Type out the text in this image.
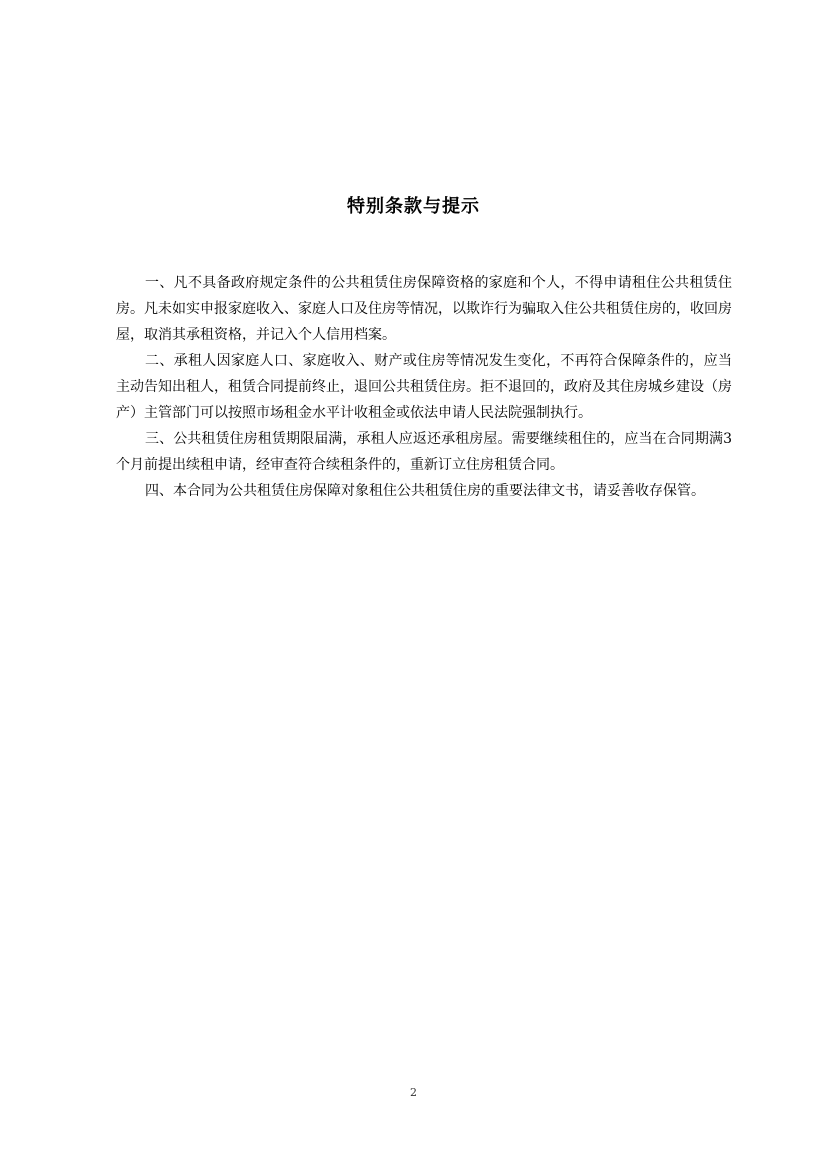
特别条款与提示

一、凡不具备政府规定条件的公共租赁住房保障资格的家庭和个人，不得申请租住公共租赁住房。凡未如实申报家庭收入、家庭人口及住房等情况，以欺诈行为骗取入住公共租赁住房的，收回房屋，取消其承租资格，并记入个人信用档案。

二、承租人因家庭人口、家庭收入、财产或住房等情况发生变化，不再符合保障条件的，应当主动告知出租人，租赁合同提前终止，退回公共租赁住房。拒不退回的，政府及其住房城乡建设（房产）主管部门可以按照市场租金水平计收租金或依法申请人民法院强制执行。

三、公共租赁住房租赁期限届满，承租人应返还承租房屋。需要继续租住的，应当在合同期满3个月前提出续租申请，经审查符合续租条件的，重新订立住房租赁合同。

四、本合同为公共租赁住房保障对象租住公共租赁住房的重要法律文书，请妥善收存保管。

2
